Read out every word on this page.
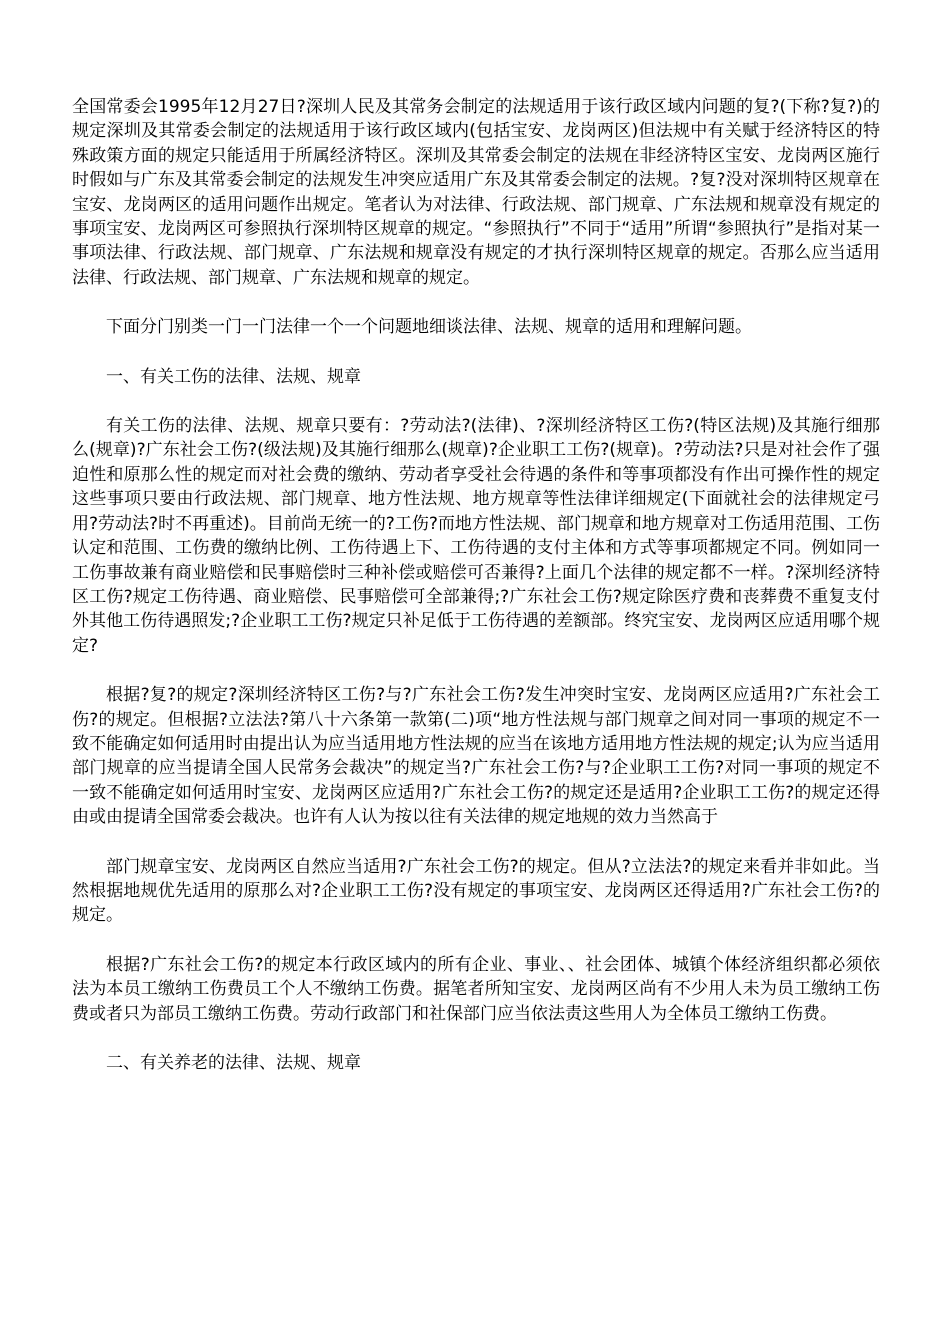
全国常委会1995年12月27日?深圳人民及其常务会制定的法规适用于该行政区域内问题的复?(下称?复?)的规定深圳及其常委会制定的法规适用于该行政区域内(包括宝安、龙岗两区)但法规中有关赋于经济特区的特殊政策方面的规定只能适用于所属经济特区。深圳及其常委会制定的法规在非经济特区宝安、龙岗两区施行时假如与广东及其常委会制定的法规发生冲突应适用广东及其常委会制定的法规。?复?没对深圳特区规章在宝安、龙岗两区的适用问题作出规定。笔者认为对法律、行政法规、部门规章、广东法规和规章没有规定的事项宝安、龙岗两区可参照执行深圳特区规章的规定。“参照执行”不同于“适用”所谓“参照执行”是指对某一事项法律、行政法规、部门规章、广东法规和规章没有规定的才执行深圳特区规章的规定。否那么应当适用法律、行政法规、部门规章、广东法规和规章的规定。

下面分门别类一门一门法律一个一个问题地细谈法律、法规、规章的适用和理解问题。

一、有关工伤的法律、法规、规章

有关工伤的法律、法规、规章只要有：?劳动法?(法律)、?深圳经济特区工伤?(特区法规)及其施行细那么(规章)?广东社会工伤?(级法规)及其施行细那么(规章)?企业职工工伤?(规章)。?劳动法?只是对社会作了强迫性和原那么性的规定而对社会费的缴纳、劳动者享受社会待遇的条件和等事项都没有作出可操作性的规定这些事项只要由行政法规、部门规章、地方性法规、地方规章等性法律详细规定(下面就社会的法律规定弓用?劳动法?时不再重述)。目前尚无统一的?工伤?而地方性法规、部门规章和地方规章对工伤适用范围、工伤认定和范围、工伤费的缴纳比例、工伤待遇上下、工伤待遇的支付主体和方式等事项都规定不同。例如同一工伤事故兼有商业赔偿和民事赔偿时三种补偿或赔偿可否兼得?上面几个法律的规定都不一样。?深圳经济特区工伤?规定工伤待遇、商业赔偿、民事赔偿可全部兼得;?广东社会工伤?规定除医疗费和丧葬费不重复支付外其他工伤待遇照发;?企业职工工伤?规定只补足低于工伤待遇的差额部。终究宝安、龙岗两区应适用哪个规定?

根据?复?的规定?深圳经济特区工伤?与?广东社会工伤?发生冲突时宝安、龙岗两区应适用?广东社会工伤?的规定。但根据?立法法?第八十六条第一款第(二)项“地方性法规与部门规章之间对同一事项的规定不一致不能确定如何适用时由提出认为应当适用地方性法规的应当在该地方适用地方性法规的规定;认为应当适用部门规章的应当提请全国人民常务会裁决”的规定当?广东社会工伤?与?企业职工工伤?对同一事项的规定不一致不能确定如何适用时宝安、龙岗两区应适用?广东社会工伤?的规定还是适用?企业职工工伤?的规定还得由或由提请全国常委会裁决。也许有人认为按以往有关法律的规定地规的效力当然高于

部门规章宝安、龙岗两区自然应当适用?广东社会工伤?的规定。但从?立法法?的规定来看并非如此。当然根据地规优先适用的原那么对?企业职工工伤?没有规定的事项宝安、龙岗两区还得适用?广东社会工伤?的规定。

根据?广东社会工伤?的规定本行政区域内的所有企业、事业、、社会团体、城镇个体经济组织都必须依法为本员工缴纳工伤费员工个人不缴纳工伤费。据笔者所知宝安、龙岗两区尚有不少用人未为员工缴纳工伤费或者只为部员工缴纳工伤费。劳动行政部门和社保部门应当依法责这些用人为全体员工缴纳工伤费。

二、有关养老的法律、法规、规章
